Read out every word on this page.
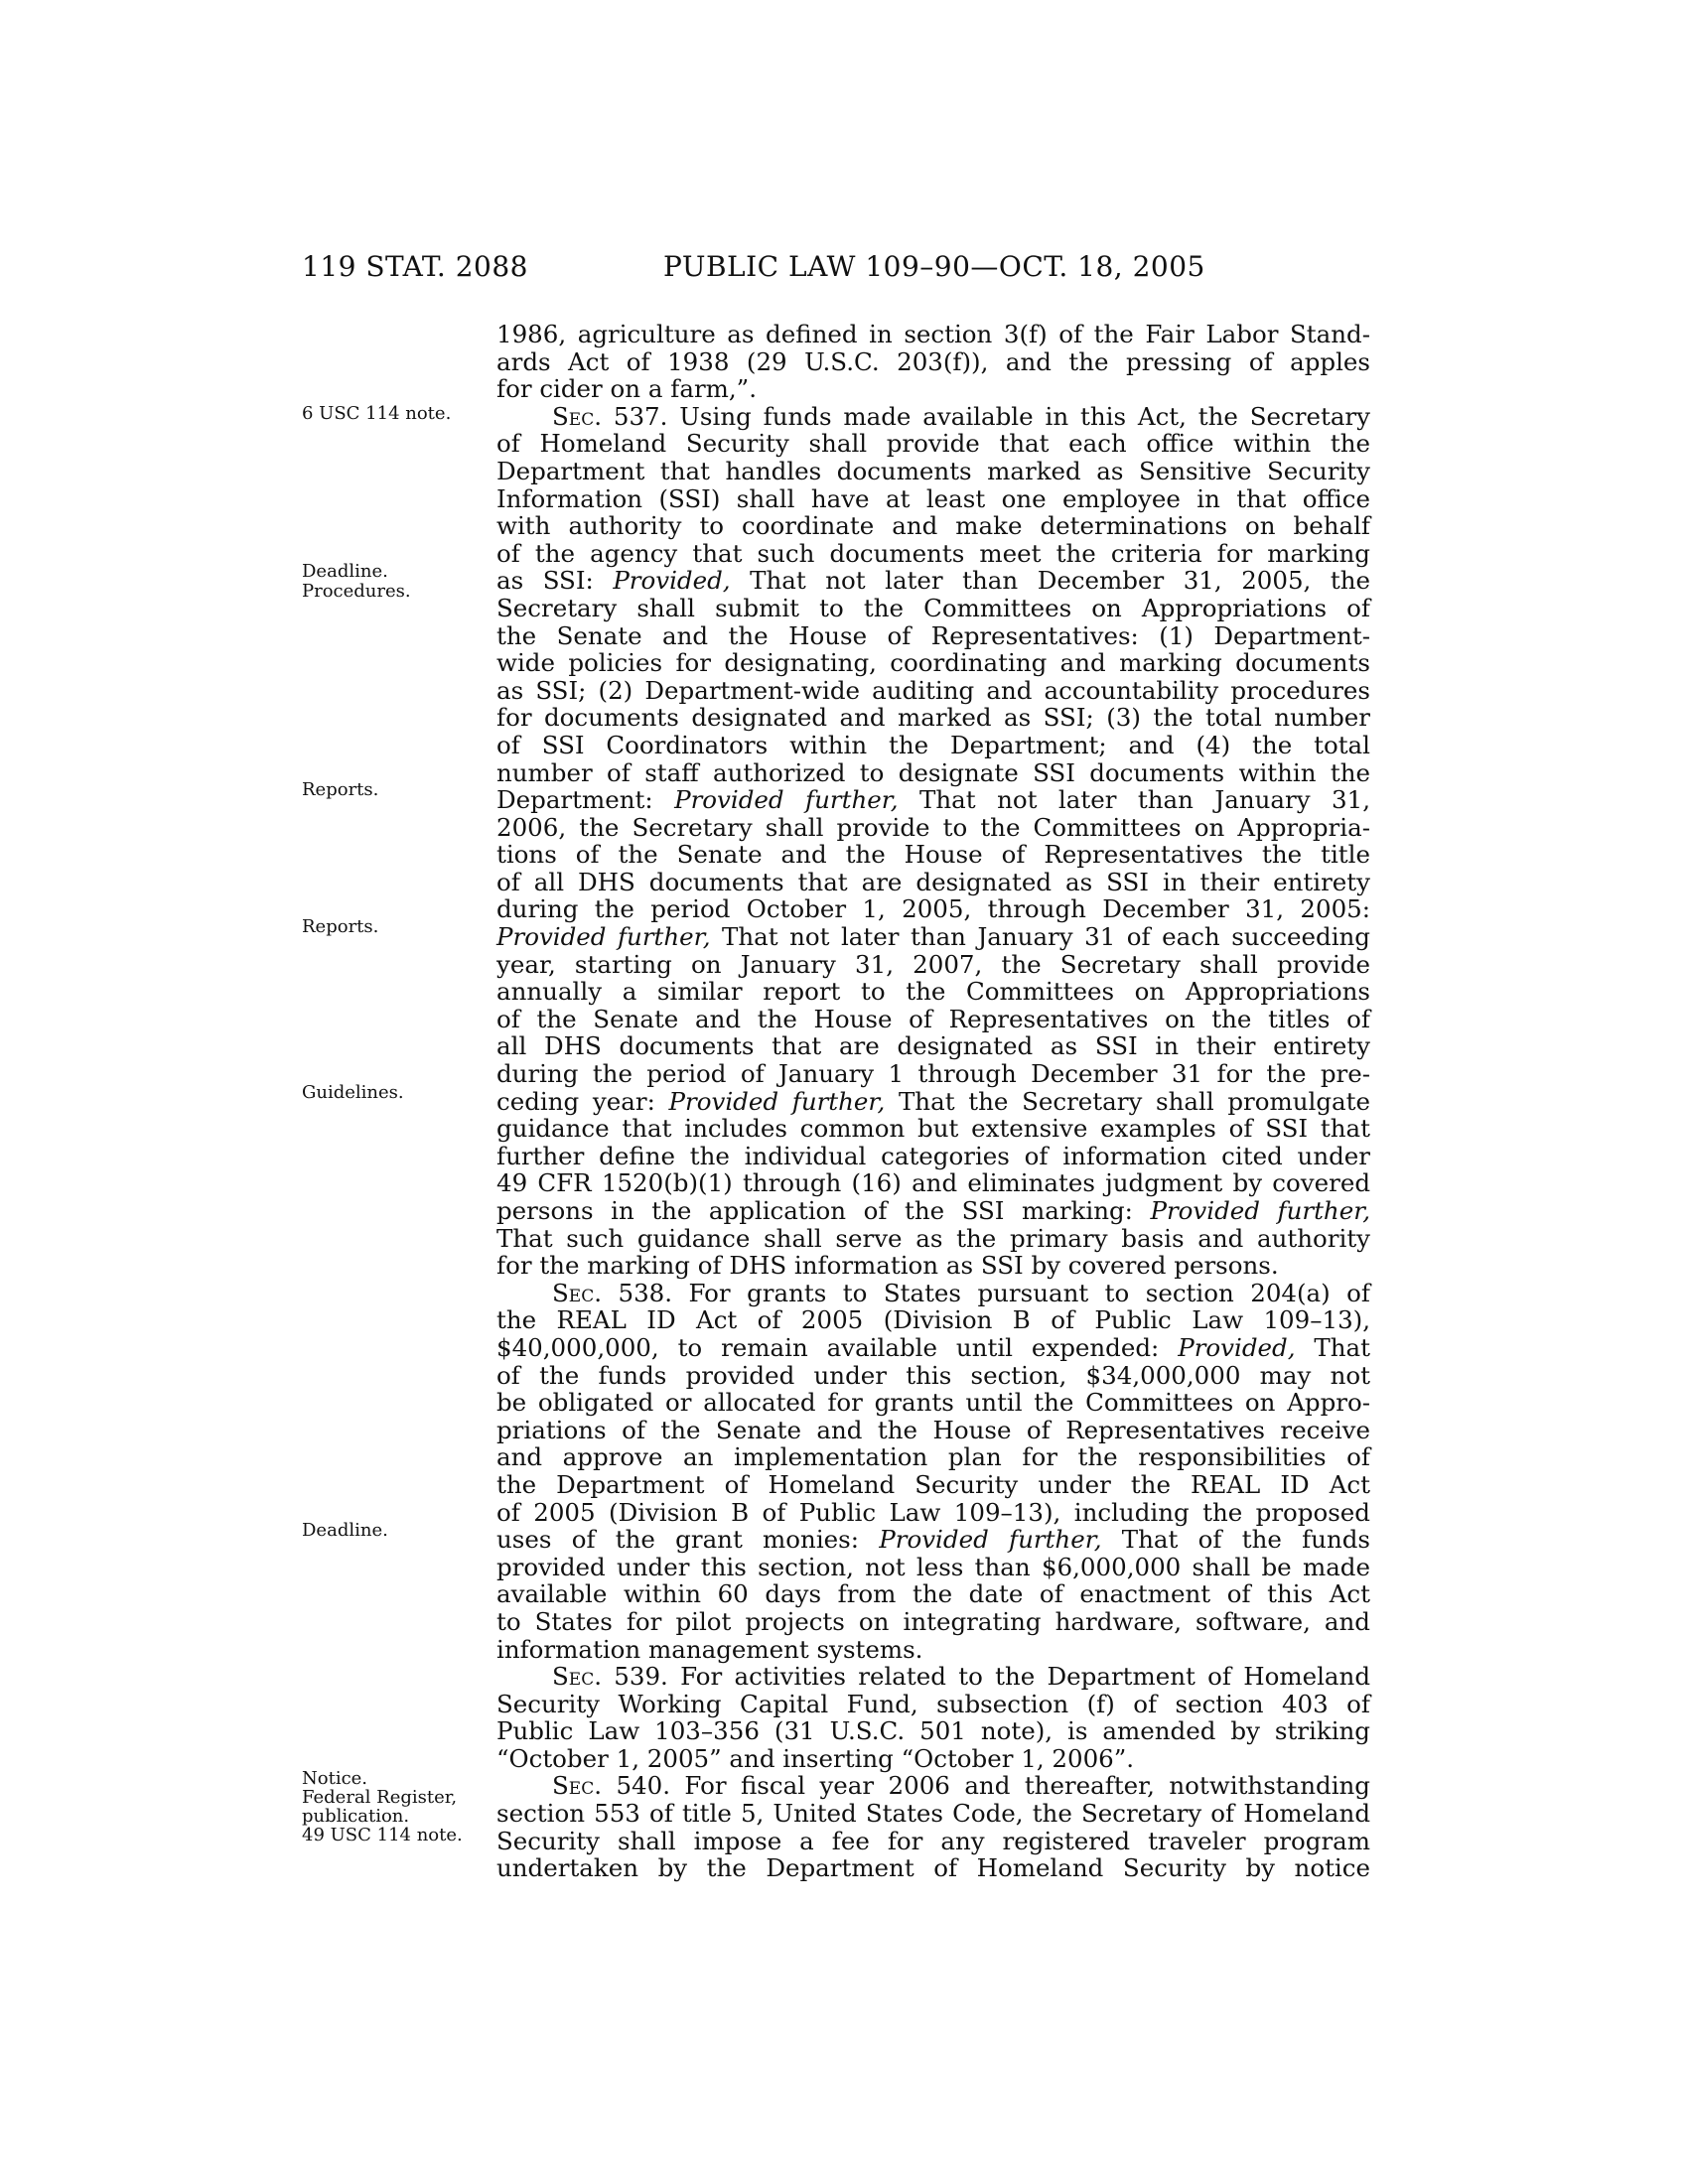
119 STAT. 2088	PUBLIC LAW 109–90—OCT. 18, 2005
6 USC 114 note.
Deadline.
Procedures.
Reports.
Reports.
Guidelines.
Deadline.
Notice.
Federal Register,
publication.
49 USC 114 note.
1986, agriculture as defined in section 3(f) of the Fair Labor Stand-
ards Act of 1938 (29 U.S.C. 203(f)), and the pressing of apples
for cider on a farm,”.
Sec. 537. Using funds made available in this Act, the Secretary
of Homeland Security shall provide that each office within the
Department that handles documents marked as Sensitive Security
Information (SSI) shall have at least one employee in that office
with authority to coordinate and make determinations on behalf
of the agency that such documents meet the criteria for marking
as SSI: Provided, That not later than December 31, 2005, the
Secretary shall submit to the Committees on Appropriations of
the Senate and the House of Representatives: (1) Department-
wide policies for designating, coordinating and marking documents
as SSI; (2) Department-wide auditing and accountability procedures
for documents designated and marked as SSI; (3) the total number
of SSI Coordinators within the Department; and (4) the total
number of staff authorized to designate SSI documents within the
Department: Provided further, That not later than January 31,
2006, the Secretary shall provide to the Committees on Appropria-
tions of the Senate and the House of Representatives the title
of all DHS documents that are designated as SSI in their entirety
during the period October 1, 2005, through December 31, 2005:
Provided further, That not later than January 31 of each succeeding
year, starting on January 31, 2007, the Secretary shall provide
annually a similar report to the Committees on Appropriations
of the Senate and the House of Representatives on the titles of
all DHS documents that are designated as SSI in their entirety
during the period of January 1 through December 31 for the pre-
ceding year: Provided further, That the Secretary shall promulgate
guidance that includes common but extensive examples of SSI that
further define the individual categories of information cited under
49 CFR 1520(b)(1) through (16) and eliminates judgment by covered
persons in the application of the SSI marking: Provided further,
That such guidance shall serve as the primary basis and authority
for the marking of DHS information as SSI by covered persons.
Sec. 538. For grants to States pursuant to section 204(a) of
the REAL ID Act of 2005 (Division B of Public Law 109–13),
$40,000,000, to remain available until expended: Provided, That
of the funds provided under this section, $34,000,000 may not
be obligated or allocated for grants until the Committees on Appro-
priations of the Senate and the House of Representatives receive
and approve an implementation plan for the responsibilities of
the Department of Homeland Security under the REAL ID Act
of 2005 (Division B of Public Law 109–13), including the proposed
uses of the grant monies: Provided further, That of the funds
provided under this section, not less than $6,000,000 shall be made
available within 60 days from the date of enactment of this Act
to States for pilot projects on integrating hardware, software, and
information management systems.
Sec. 539. For activities related to the Department of Homeland
Security Working Capital Fund, subsection (f) of section 403 of
Public Law 103–356 (31 U.S.C. 501 note), is amended by striking
“October 1, 2005” and inserting “October 1, 2006”.
Sec. 540. For fiscal year 2006 and thereafter, notwithstanding
section 553 of title 5, United States Code, the Secretary of Homeland
Security shall impose a fee for any registered traveler program
undertaken by the Department of Homeland Security by notice
